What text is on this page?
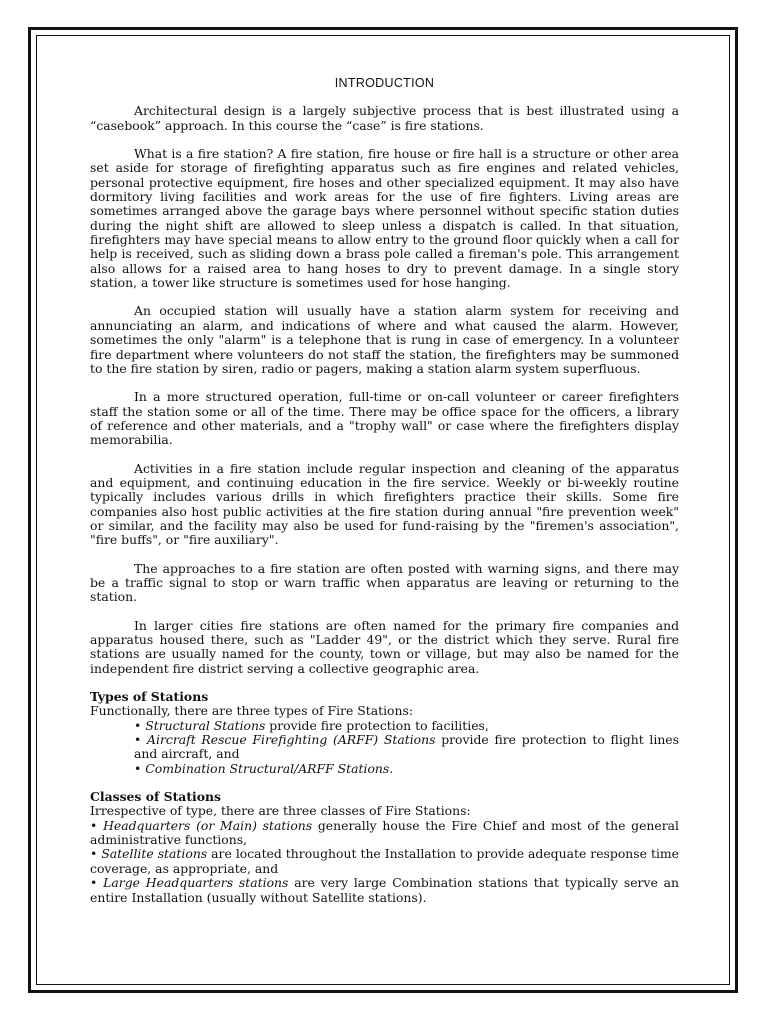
INTRODUCTION

Architectural design is a largely subjective process that is best illustrated using a “casebook” approach. In this course the “case” is fire stations.

What is a fire station? A fire station, fire house or fire hall is a structure or other area set aside for storage of firefighting apparatus such as fire engines and related vehicles, personal protective equipment, fire hoses and other specialized equipment. It may also have dormitory living facilities and work areas for the use of fire fighters. Living areas are sometimes arranged above the garage bays where personnel without specific station duties during the night shift are allowed to sleep unless a dispatch is called. In that situation, firefighters may have special means to allow entry to the ground floor quickly when a call for help is received, such as sliding down a brass pole called a fireman's pole. This arrangement also allows for a raised area to hang hoses to dry to prevent damage. In a single story station, a tower like structure is sometimes used for hose hanging.

An occupied station will usually have a station alarm system for receiving and annunciating an alarm, and indications of where and what caused the alarm. However, sometimes the only "alarm" is a telephone that is rung in case of emergency. In a volunteer fire department where volunteers do not staff the station, the firefighters may be summoned to the fire station by siren, radio or pagers, making a station alarm system superfluous.

In a more structured operation, full-time or on-call volunteer or career firefighters staff the station some or all of the time. There may be office space for the officers, a library of reference and other materials, and a "trophy wall" or case where the firefighters display memorabilia.

Activities in a fire station include regular inspection and cleaning of the apparatus and equipment, and continuing education in the fire service. Weekly or bi-weekly routine typically includes various drills in which firefighters practice their skills. Some fire companies also host public activities at the fire station during annual "fire prevention week" or similar, and the facility may also be used for fund-raising by the "firemen's association", "fire buffs", or "fire auxiliary".

The approaches to a fire station are often posted with warning signs, and there may be a traffic signal to stop or warn traffic when apparatus are leaving or returning to the station.

In larger cities fire stations are often named for the primary fire companies and apparatus housed there, such as "Ladder 49", or the district which they serve. Rural fire stations are usually named for the county, town or village, but may also be named for the independent fire district serving a collective geographic area.

Types of Stations
Functionally, there are three types of Fire Stations:
• Structural Stations provide fire protection to facilities,
• Aircraft Rescue Firefighting (ARFF) Stations provide fire protection to flight lines and aircraft, and
• Combination Structural/ARFF Stations.
Classes of Stations
Irrespective of type, there are three classes of Fire Stations:
• Headquarters (or Main) stations generally house the Fire Chief and most of the general administrative functions,
• Satellite stations are located throughout the Installation to provide adequate response time coverage, as appropriate, and
• Large Headquarters stations are very large Combination stations that typically serve an entire Installation (usually without Satellite stations).
